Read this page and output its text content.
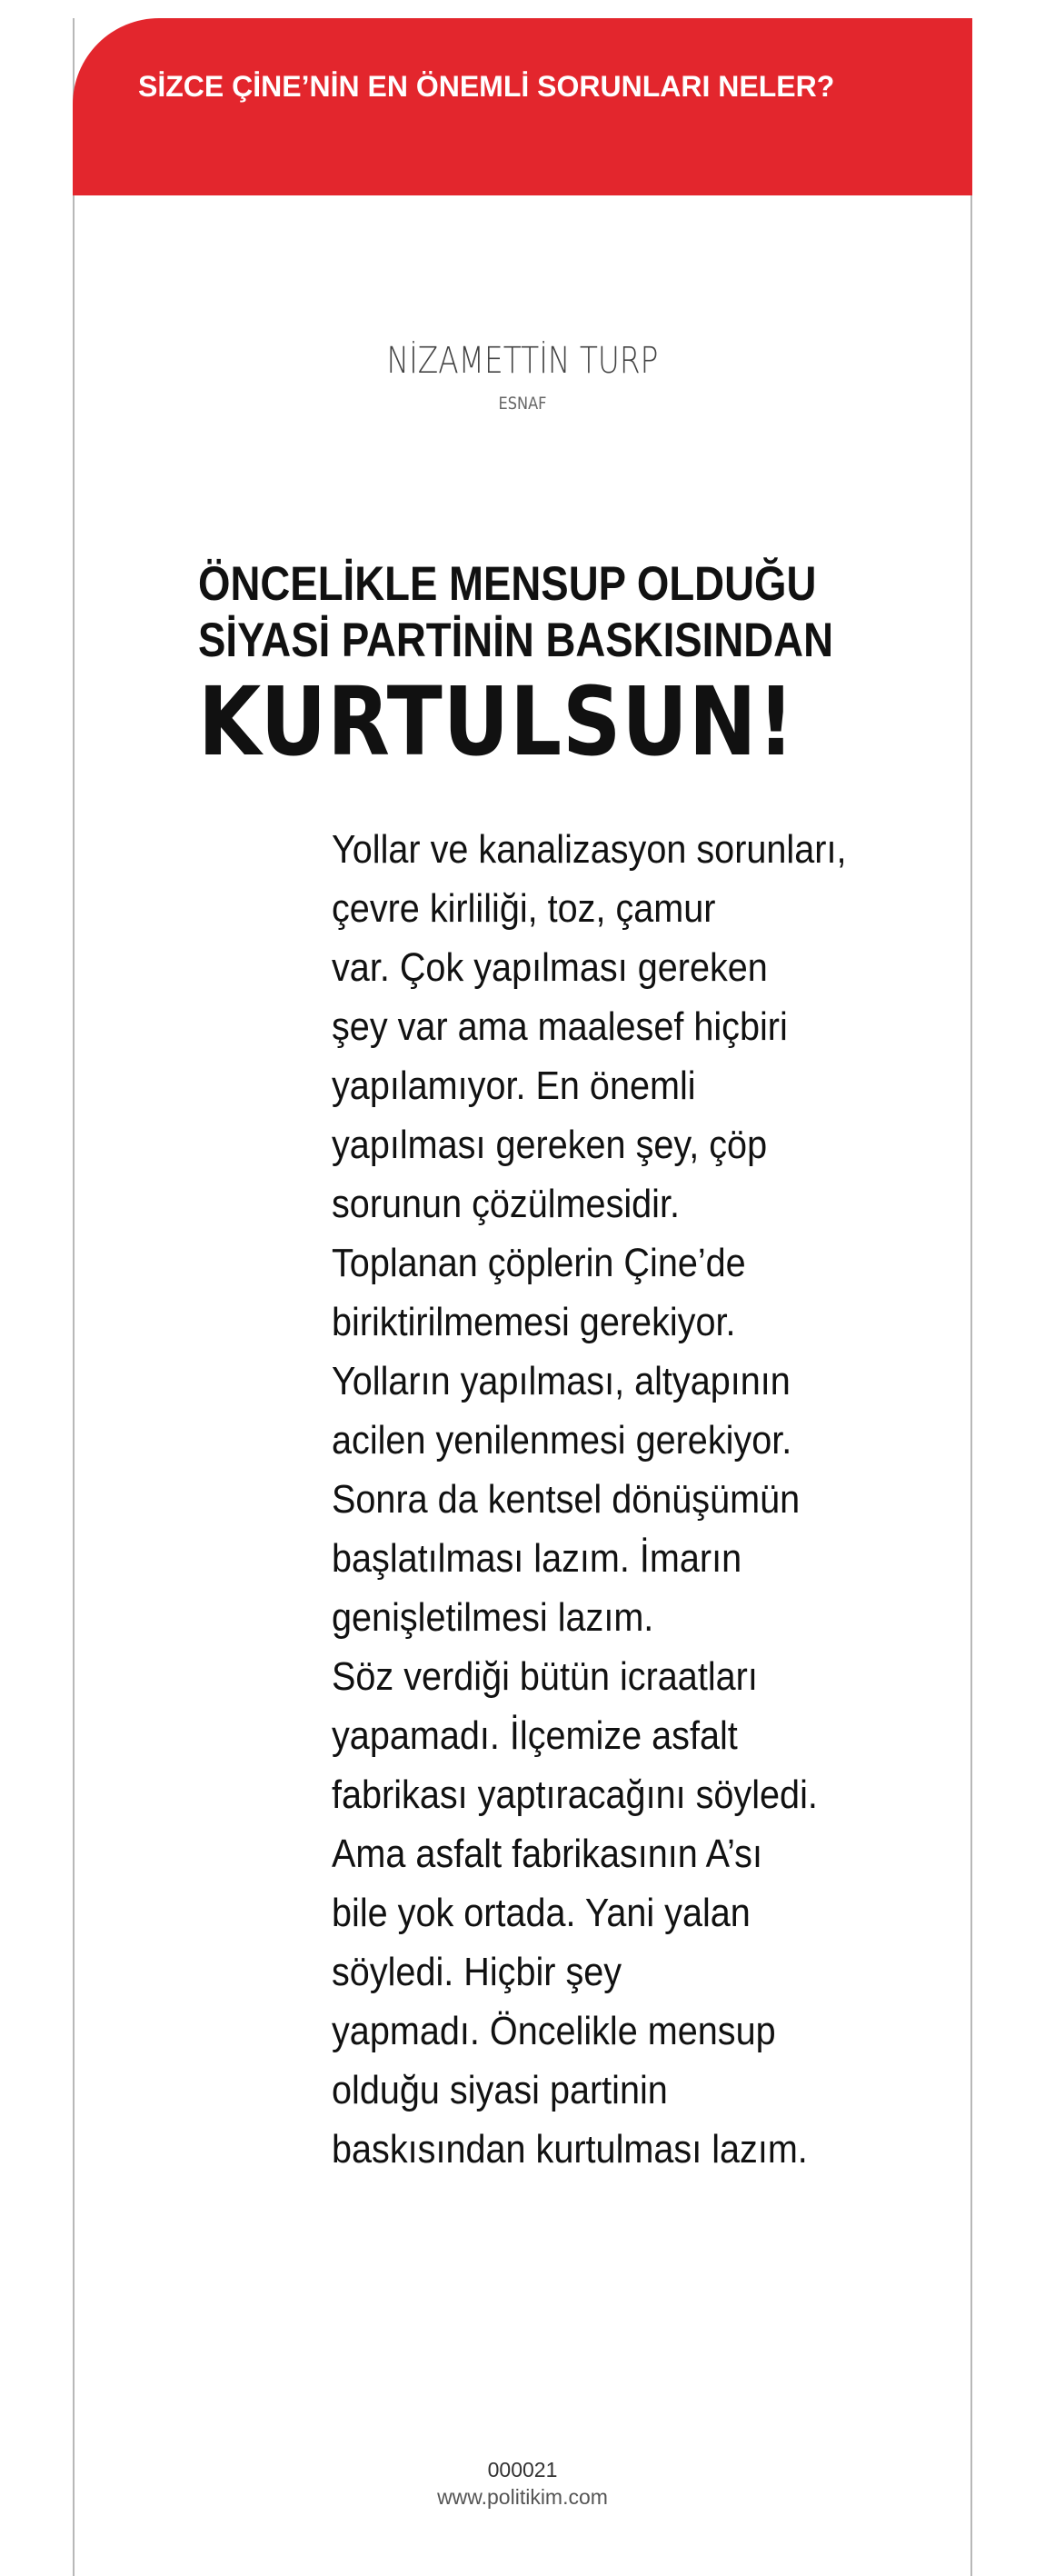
SİZCE ÇİNE’NİN EN ÖNEMLİ SORUNLARI NELER?
NİZAMETTİN TURP
ESNAF
ÖNCELİKLE MENSUP OLDUĞU
SİYASİ PARTİNİN BASKISINDAN
KURTULSUN!
Yollar ve kanalizasyon sorunları,
çevre kirliliği, toz, çamur
var. Çok yapılması gereken
şey var ama maalesef hiçbiri
yapılamıyor. En önemli
yapılması gereken şey, çöp
sorunun çözülmesidir.
Toplanan çöplerin Çine’de
biriktirilmemesi gerekiyor.
Yolların yapılması, altyapının
acilen yenilenmesi gerekiyor.
Sonra da kentsel dönüşümün
başlatılması lazım. İmarın
genişletilmesi lazım.
Söz verdiği bütün icraatları
yapamadı. İlçemize asfalt
fabrikası yaptıracağını söyledi.
Ama asfalt fabrikasının A’sı
bile yok ortada. Yani yalan
söyledi. Hiçbir şey
yapmadı. Öncelikle mensup
olduğu siyasi partinin
baskısından kurtulması lazım.
000021
www.politikim.com
